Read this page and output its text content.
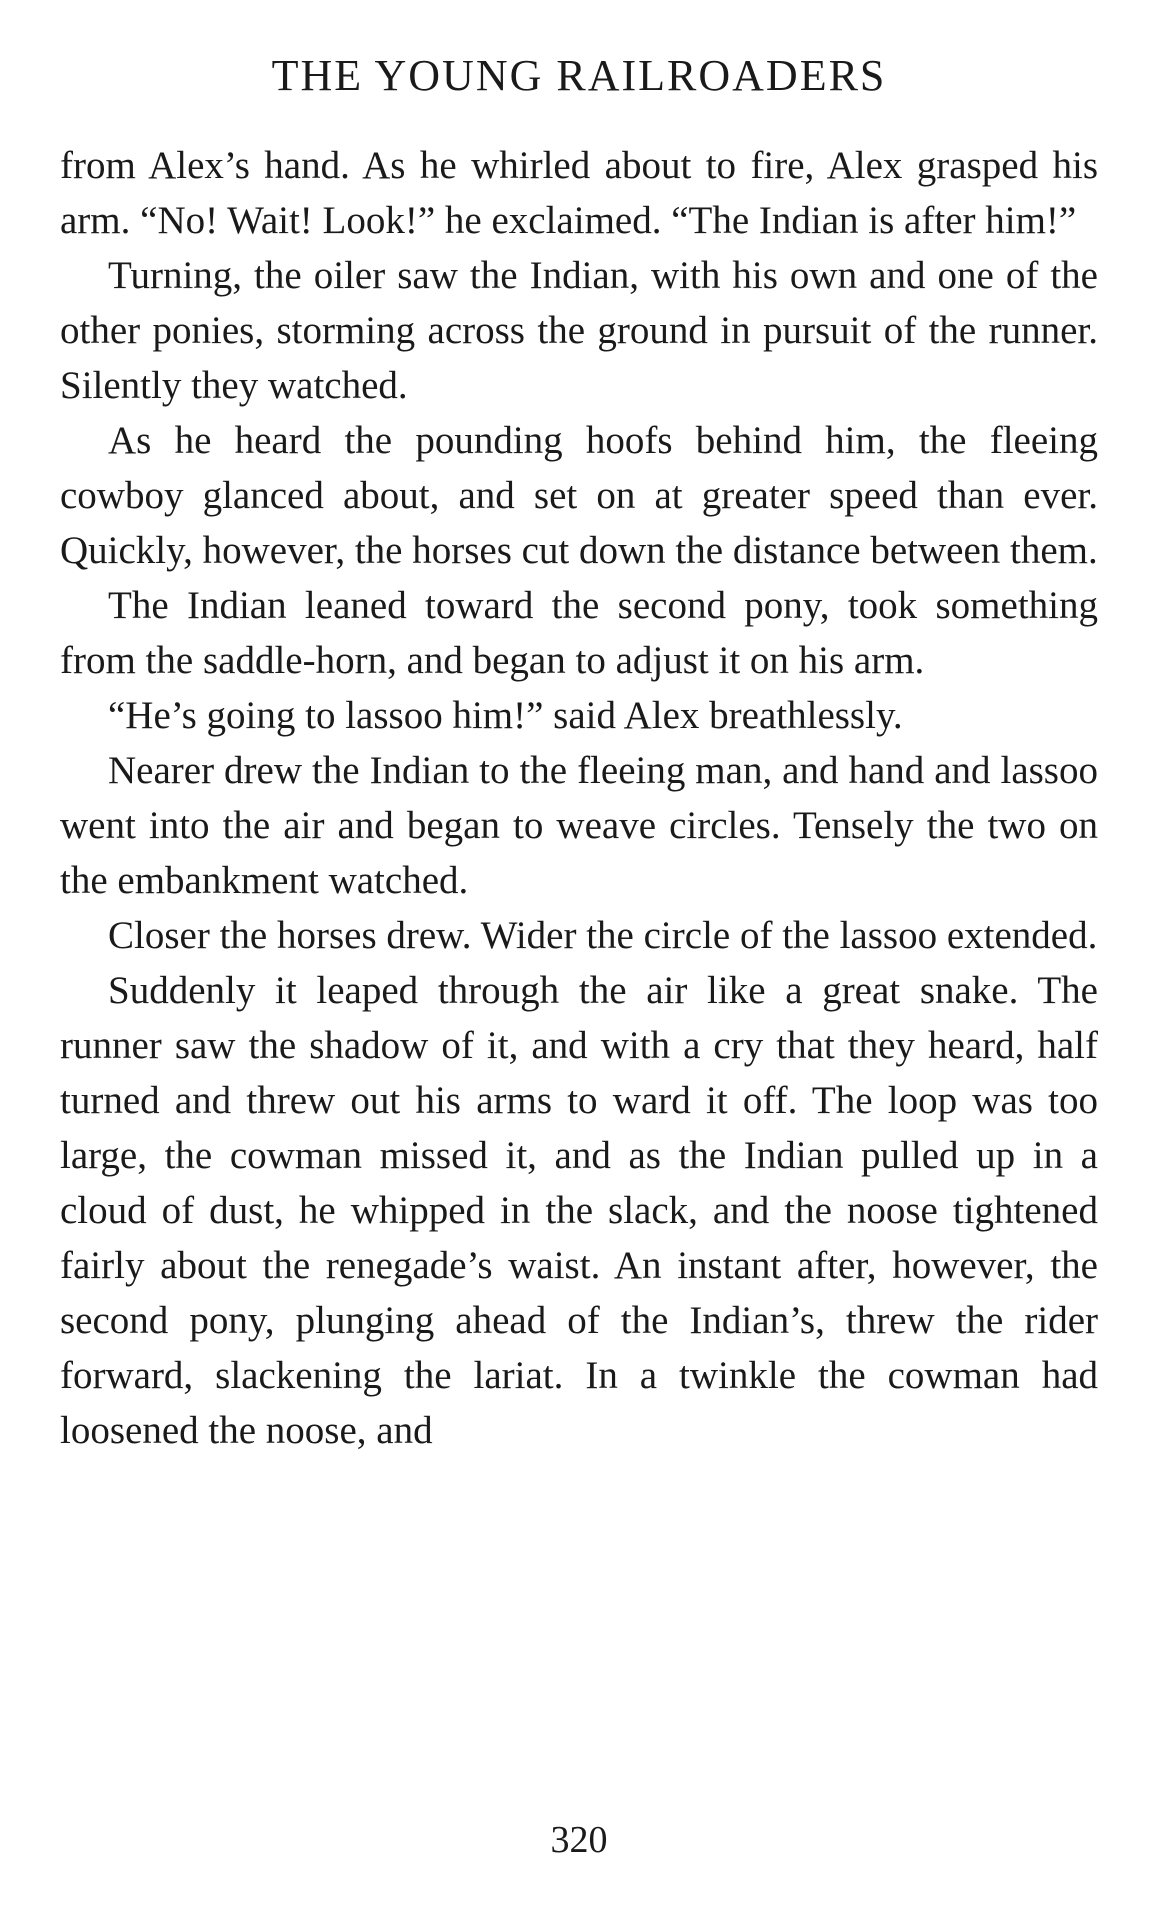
THE YOUNG RAILROADERS

from Alex’s hand. As he whirled about to fire, Alex grasped his arm. “No! Wait! Look!” he exclaimed. “The Indian is after him!”

Turning, the oiler saw the Indian, with his own and one of the other ponies, storming across the ground in pursuit of the runner. Silently they watched.

As he heard the pounding hoofs behind him, the fleeing cowboy glanced about, and set on at greater speed than ever. Quickly, however, the horses cut down the distance between them.

The Indian leaned toward the second pony, took something from the saddle-horn, and began to adjust it on his arm.

“He’s going to lassoo him!” said Alex breathlessly.

Nearer drew the Indian to the fleeing man, and hand and lassoo went into the air and began to weave circles. Tensely the two on the embankment watched.

Closer the horses drew. Wider the circle of the lassoo extended.

Suddenly it leaped through the air like a great snake. The runner saw the shadow of it, and with a cry that they heard, half turned and threw out his arms to ward it off. The loop was too large, the cowman missed it, and as the Indian pulled up in a cloud of dust, he whipped in the slack, and the noose tightened fairly about the renegade’s waist. An instant after, however, the second pony, plunging ahead of the Indian’s, threw the rider forward, slackening the lariat. In a twinkle the cowman had loosened the noose, and

320
